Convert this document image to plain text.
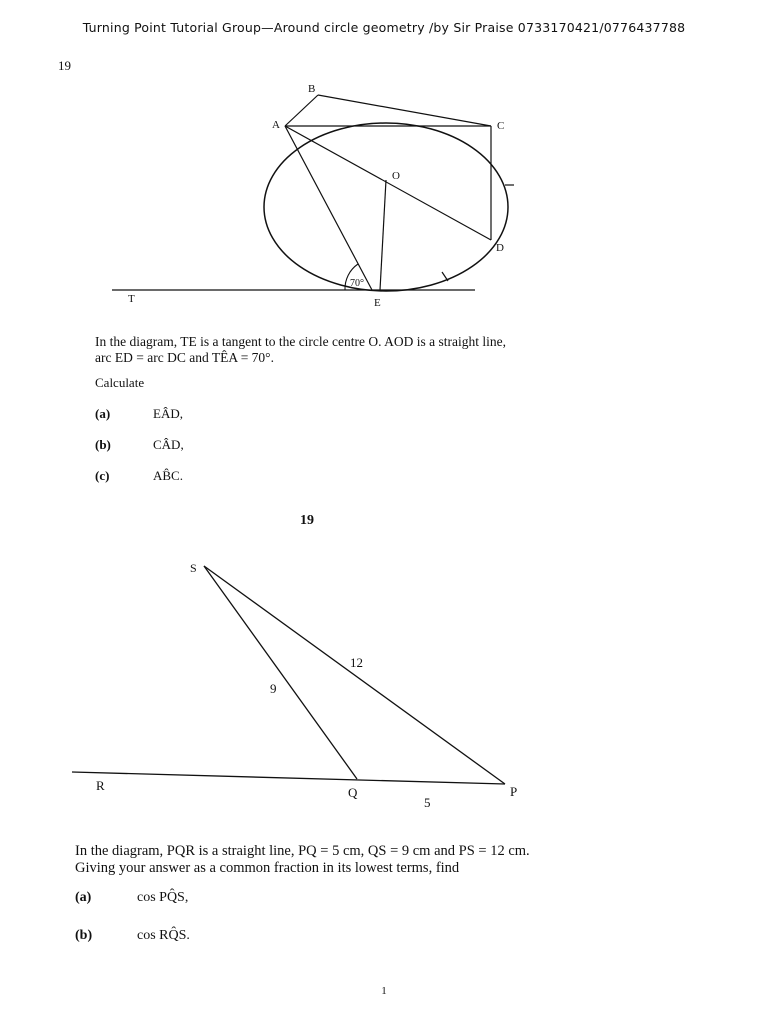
Turning Point Tutorial Group—Around circle geometry /by Sir Praise 0733170421/0776437788
19
B
A	C
O
D
70°
T	E
In the diagram, TE is a tangent to the circle centre O. AOD is a straight line,
arc ED = arc DC and TÊA = 70°.
Calculate
(a)	EÂD,
(b)	CÂD,
(c)	AB̂C.
19
S
R	Q	P
12
9
5
In the diagram, PQR is a straight line, PQ = 5 cm, QS = 9 cm and PS = 12 cm.
Giving your answer as a common fraction in its lowest terms, find
(a)	cos PQ̂S,
(b)	cos RQ̂S.
1
